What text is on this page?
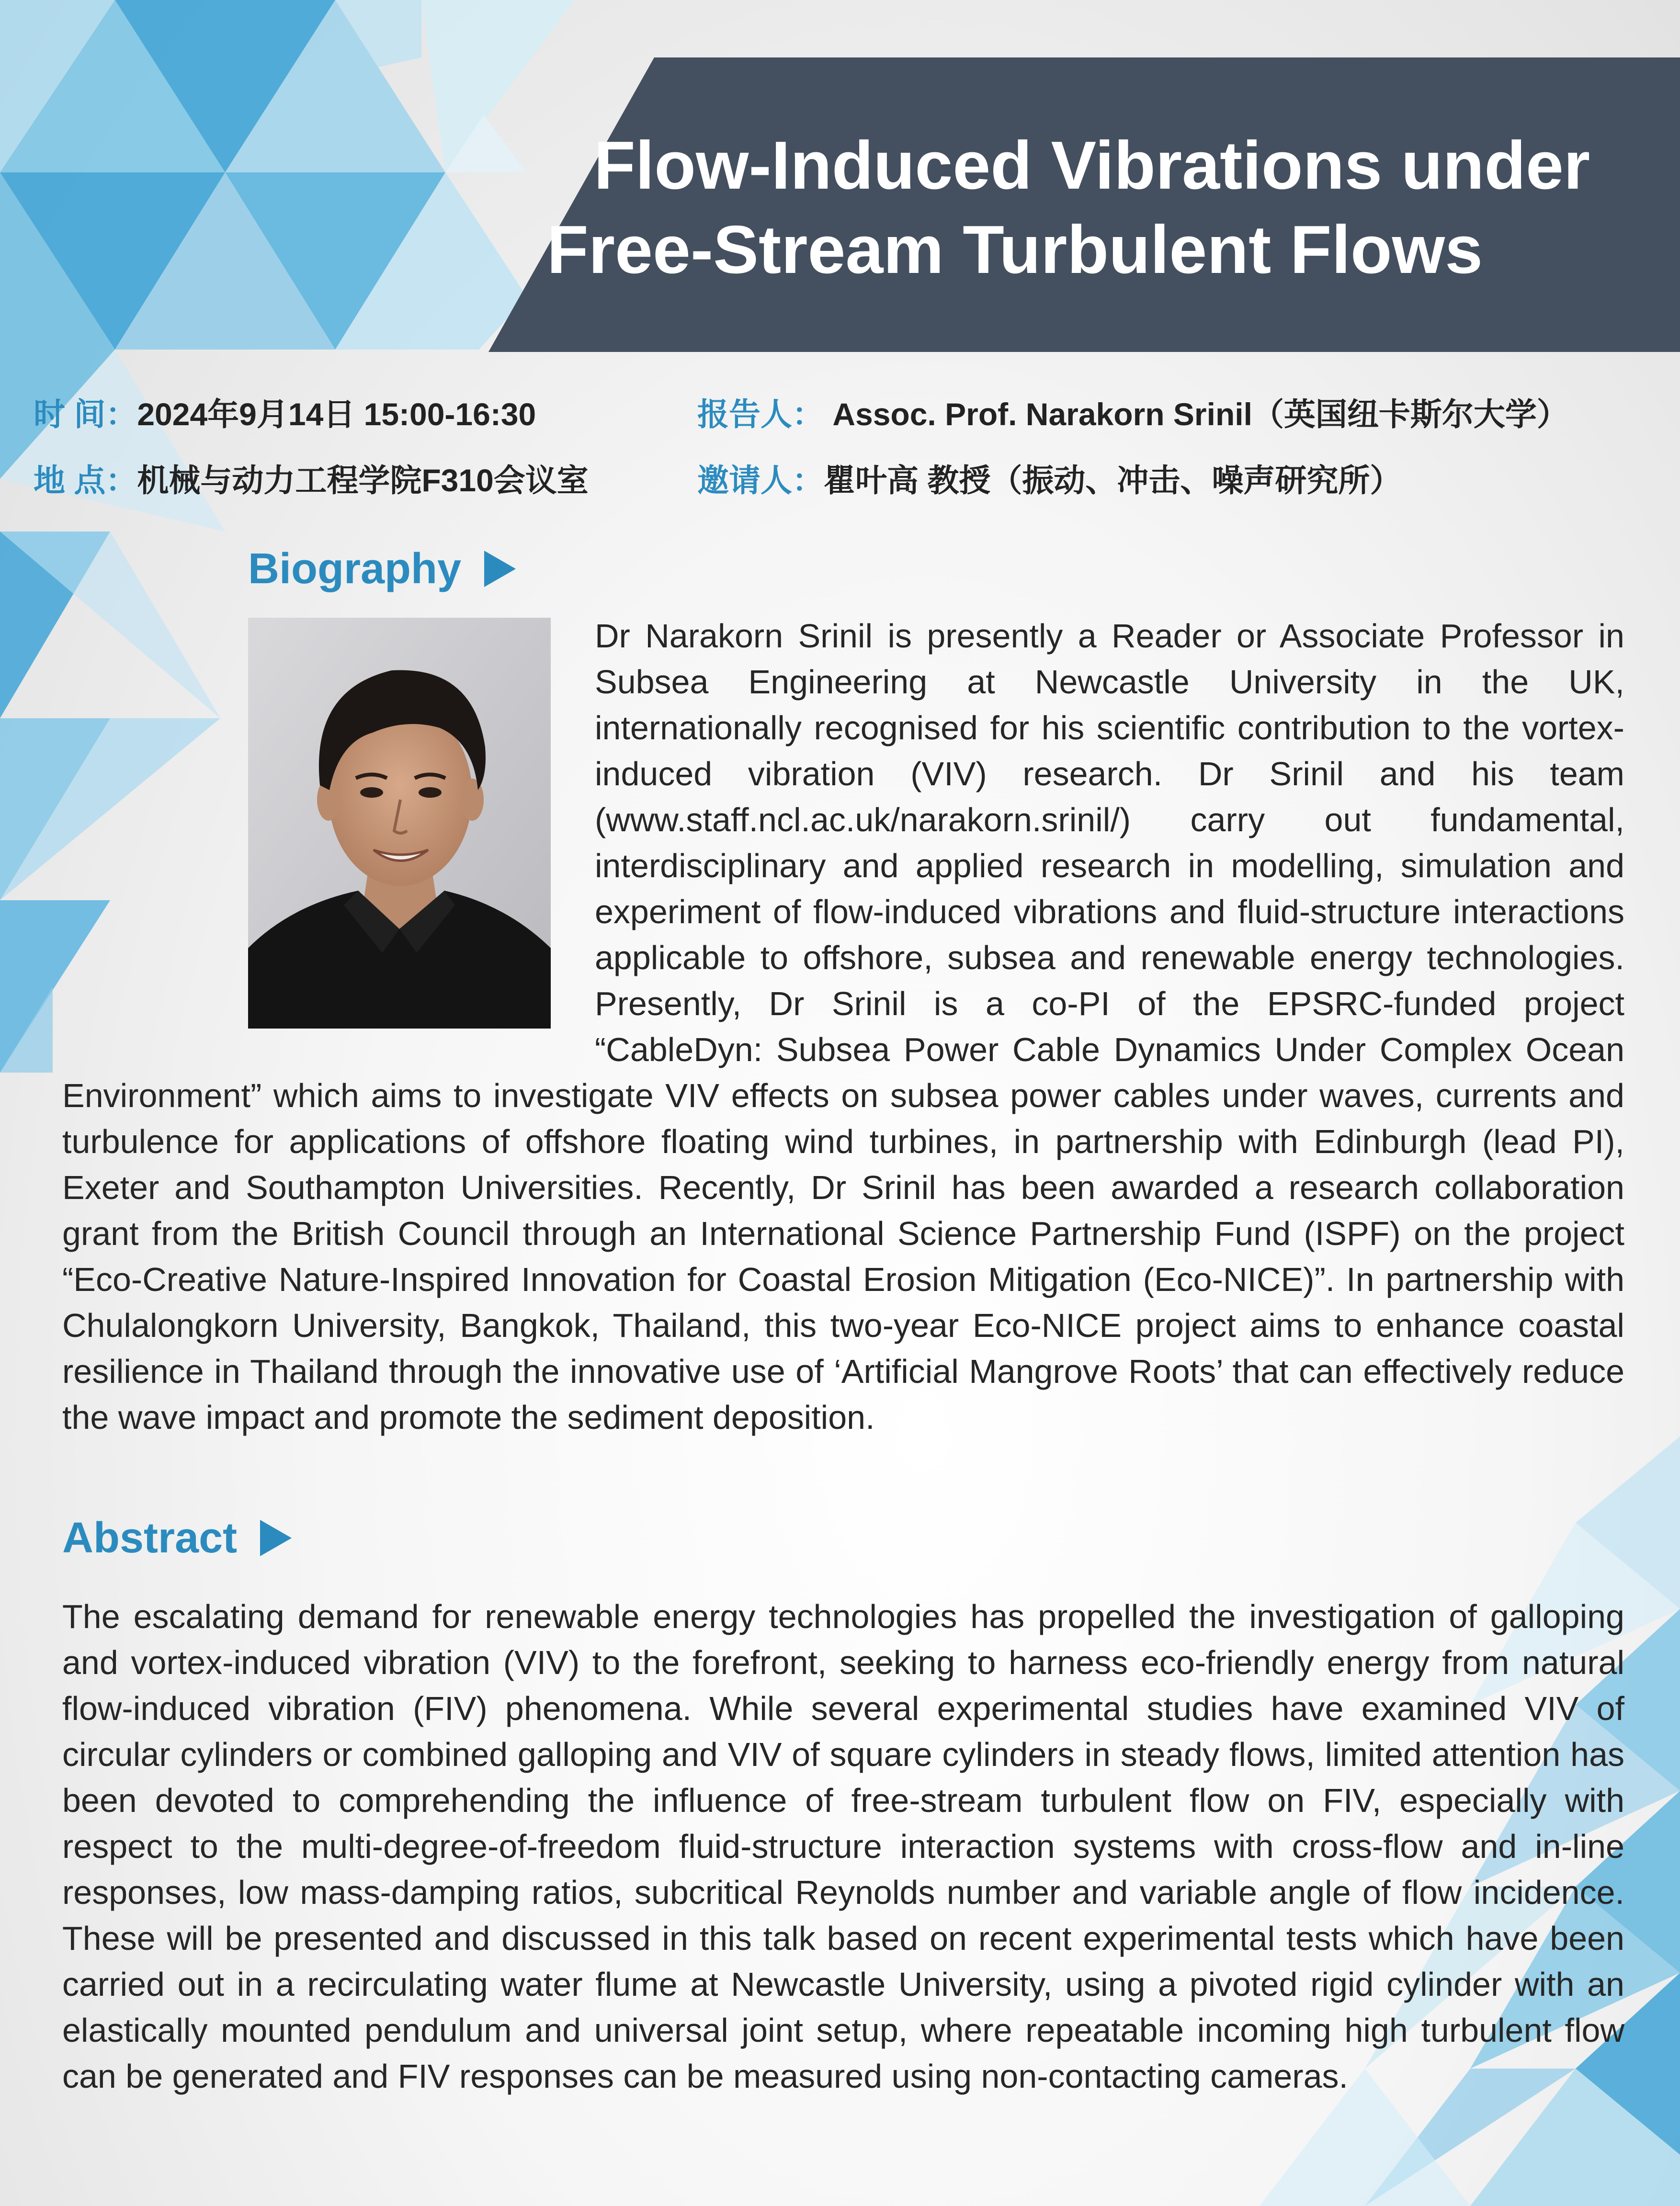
Flow-Induced Vibrations under
Free-Stream Turbulent Flows
时 间：2024年9月14日 15:00-16:30
地 点：机械与动力工程学院F310会议室
报告人： Assoc. Prof. Narakorn Srinil（英国纽卡斯尔大学）
邀请人：瞿叶高 教授（振动、冲击、噪声研究所）
Biography

Dr Narakorn Srinil is presently a Reader or Associate Professor in Subsea Engineering at Newcastle University in the UK, internationally recognised for his scientific contribution to the vortex-induced vibration (VIV) research. Dr Srinil and his team (www.staff.ncl.ac.uk/narakorn.srinil/) carry out fundamental, interdisciplinary and applied research in modelling, simulation and experiment of flow-induced vibrations and fluid-structure interactions applicable to offshore, subsea and renewable energy technologies. Presently, Dr Srinil is a co-PI of the EPSRC-funded project “CableDyn: Subsea Power Cable Dynamics Under Complex Ocean Environment” which aims to investigate VIV effects on subsea power cables under waves, currents and turbulence for applications of offshore floating wind turbines, in partnership with Edinburgh (lead PI), Exeter and Southampton Universities. Recently, Dr Srinil has been awarded a research collaboration grant from the British Council through an International Science Partnership Fund (ISPF) on the project “Eco-Creative Nature-Inspired Innovation for Coastal Erosion Mitigation (Eco-NICE)”. In partnership with Chulalongkorn University, Bangkok, Thailand, this two-year Eco-NICE project aims to enhance coastal resilience in Thailand through the innovative use of ‘Artificial Mangrove Roots’ that can effectively reduce the wave impact and promote the sediment deposition.

Abstract

The escalating demand for renewable energy technologies has propelled the investigation of galloping and vortex-induced vibration (VIV) to the forefront, seeking to harness eco-friendly energy from natural flow-induced vibration (FIV) phenomena. While several experimental studies have examined VIV of circular cylinders or combined galloping and VIV of square cylinders in steady flows, limited attention has been devoted to comprehending the influence of free-stream turbulent flow on FIV, especially with respect to the multi-degree-of-freedom fluid-structure interaction systems with cross-flow and in-line responses, low mass-damping ratios, subcritical Reynolds number and variable angle of flow incidence. These will be presented and discussed in this talk based on recent experimental tests which have been carried out in a recirculating water flume at Newcastle University, using a pivoted rigid cylinder with an elastically mounted pendulum and universal joint setup, where repeatable incoming high turbulent flow can be generated and FIV responses can be measured using non-contacting cameras.
